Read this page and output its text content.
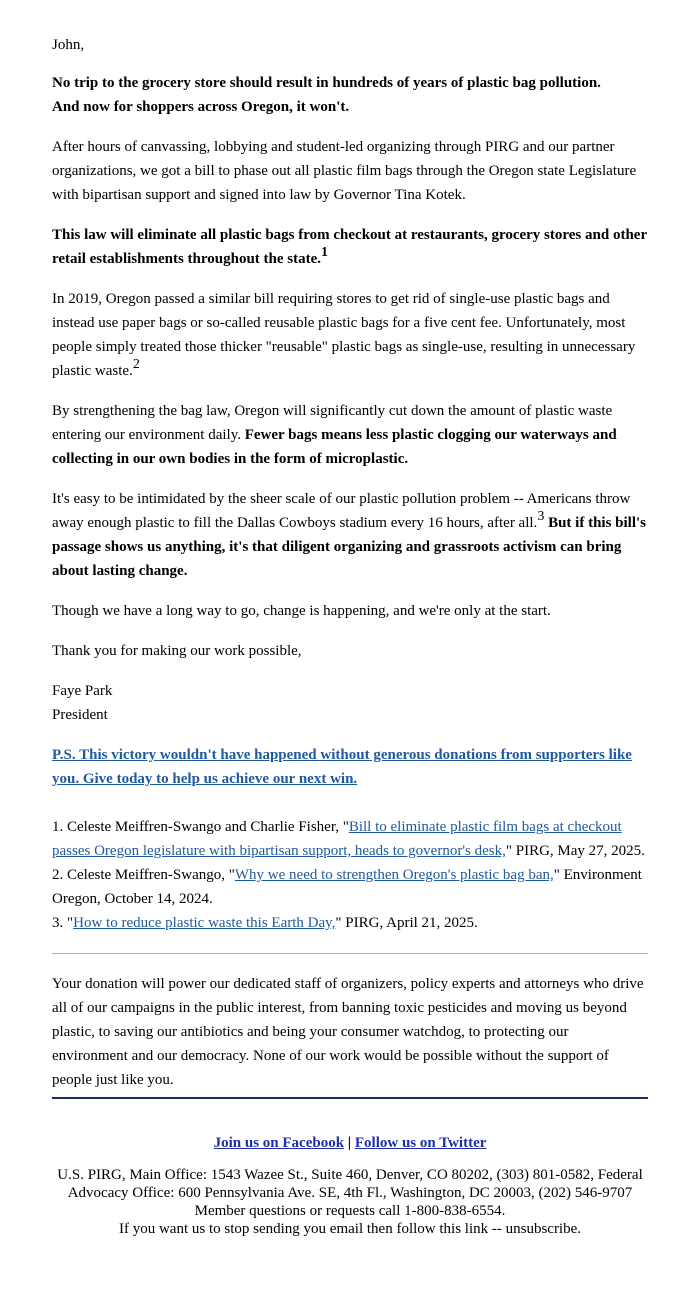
John,

No trip to the grocery store should result in hundreds of years of plastic bag pollution.
And now for shoppers across Oregon, it won't.

After hours of canvassing, lobbying and student-led organizing through PIRG and our partner organizations, we got a bill to phase out all plastic film bags through the Oregon state Legislature with bipartisan support and signed into law by Governor Tina Kotek.

This law will eliminate all plastic bags from checkout at restaurants, grocery stores and other retail establishments throughout the state.$^1$

In 2019, Oregon passed a similar bill requiring stores to get rid of single-use plastic bags and instead use paper bags or so-called reusable plastic bags for a five cent fee. Unfortunately, most people simply treated those thicker "reusable" plastic bags as single-use, resulting in unnecessary plastic waste.$^2$

By strengthening the bag law, Oregon will significantly cut down the amount of plastic waste entering our environment daily. Fewer bags means less plastic clogging our waterways and collecting in our own bodies in the form of microplastic.

It's easy to be intimidated by the sheer scale of our plastic pollution problem -- Americans throw away enough plastic to fill the Dallas Cowboys stadium every 16 hours, after all.$^3$ But if this bill's passage shows us anything, it's that diligent organizing and grassroots activism can bring about lasting change.

Though we have a long way to go, change is happening, and we're only at the start.

Thank you for making our work possible,

Faye Park
President

P.S. This victory wouldn't have happened without generous donations from supporters like you. Give today to help us achieve our next win.

1. Celeste Meiffren-Swango and Charlie Fisher, "Bill to eliminate plastic film bags at checkout passes Oregon legislature with bipartisan support, heads to governor's desk," PIRG, May 27, 2025.
2. Celeste Meiffren-Swango, "Why we need to strengthen Oregon's plastic bag ban," Environment Oregon, October 14, 2024.
3. "How to reduce plastic waste this Earth Day," PIRG, April 21, 2025.

Your donation will power our dedicated staff of organizers, policy experts and attorneys who drive all of our campaigns in the public interest, from banning toxic pesticides and moving us beyond plastic, to saving our antibiotics and being your consumer watchdog, to protecting our environment and our democracy. None of our work would be possible without the support of people just like you.

Join us on Facebook | Follow us on Twitter
U.S. PIRG, Main Office: 1543 Wazee St., Suite 460, Denver, CO 80202, (303) 801-0582, Federal Advocacy Office: 600 Pennsylvania Ave. SE, 4th Fl., Washington, DC 20003, (202) 546-9707
Member questions or requests call 1-800-838-6554.
If you want us to stop sending you email then follow this link -- unsubscribe.
